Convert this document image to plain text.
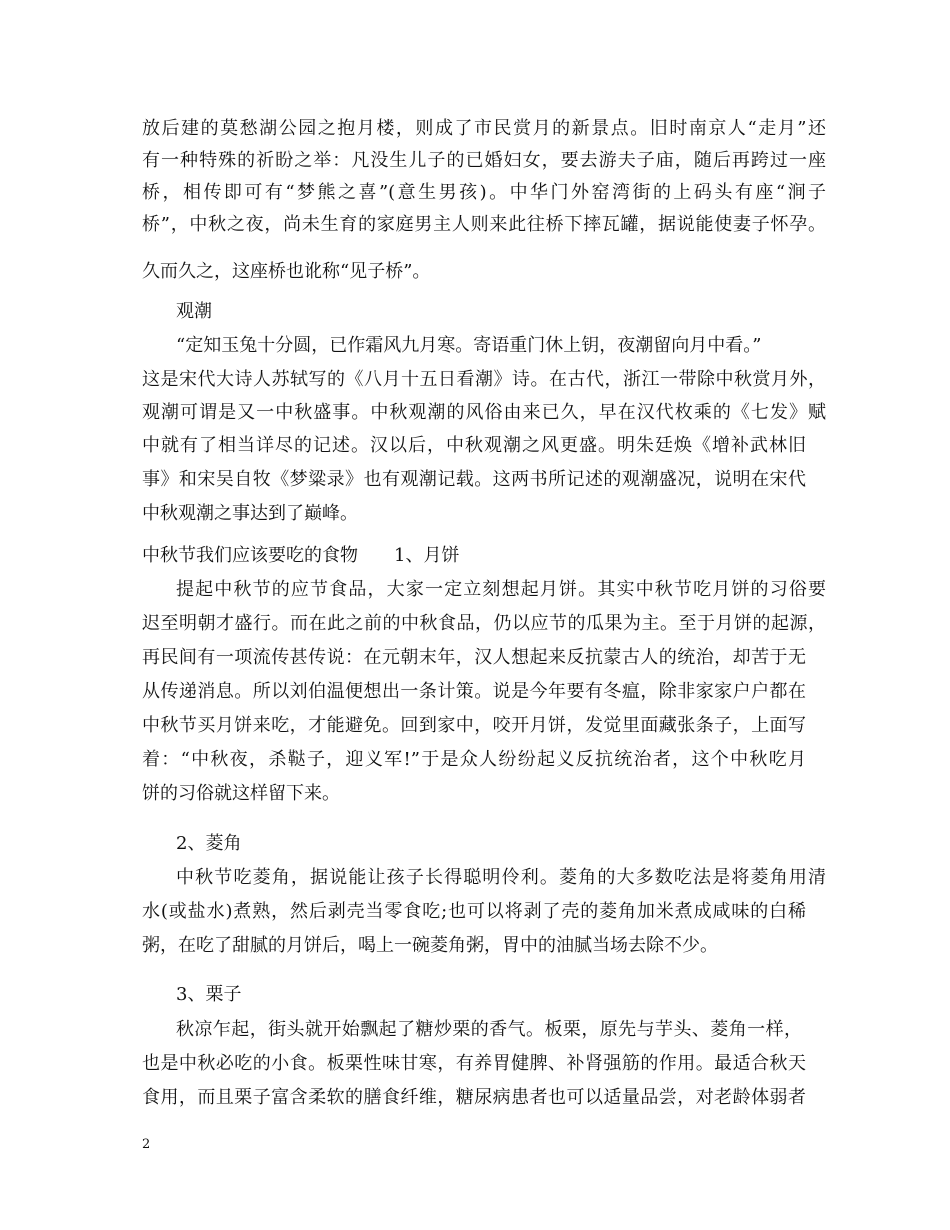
放后建的莫愁湖公园之抱月楼，则成了市民赏月的新景点。旧时南京人“走月”还
有一种特殊的祈盼之举：凡没生儿子的已婚妇女，要去游夫子庙，随后再跨过一座
桥，相传即可有“梦熊之喜”(意生男孩)。中华门外窑湾街的上码头有座“涧子
桥”，中秋之夜，尚未生育的家庭男主人则来此往桥下摔瓦罐，据说能使妻子怀孕。
久而久之，这座桥也讹称“见子桥”。
观潮
“定知玉兔十分圆，已作霜风九月寒。寄语重门休上钥，夜潮留向月中看。”
这是宋代大诗人苏轼写的《八月十五日看潮》诗。在古代，浙江一带除中秋赏月外，
观潮可谓是又一中秋盛事。中秋观潮的风俗由来已久，早在汉代枚乘的《七发》赋
中就有了相当详尽的记述。汉以后，中秋观潮之风更盛。明朱廷焕《增补武林旧
事》和宋吴自牧《梦粱录》也有观潮记载。这两书所记述的观潮盛况，说明在宋代
中秋观潮之事达到了巅峰。
中秋节我们应该要吃的食物　　1、月饼
提起中秋节的应节食品，大家一定立刻想起月饼。其实中秋节吃月饼的习俗要
迟至明朝才盛行。而在此之前的中秋食品，仍以应节的瓜果为主。至于月饼的起源，
再民间有一项流传甚传说：在元朝末年，汉人想起来反抗蒙古人的统治，却苦于无
从传递消息。所以刘伯温便想出一条计策。说是今年要有冬瘟，除非家家户户都在
中秋节买月饼来吃，才能避免。回到家中，咬开月饼，发觉里面藏张条子，上面写
着：“中秋夜，杀鞑子，迎义军!”于是众人纷纷起义反抗统治者，这个中秋吃月
饼的习俗就这样留下来。
2、菱角
中秋节吃菱角，据说能让孩子长得聪明伶利。菱角的大多数吃法是将菱角用清
水(或盐水)煮熟，然后剥壳当零食吃;也可以将剥了壳的菱角加米煮成咸味的白稀
粥，在吃了甜腻的月饼后，喝上一碗菱角粥，胃中的油腻当场去除不少。
3、栗子
秋凉乍起，街头就开始飘起了糖炒栗的香气。板栗，原先与芋头、菱角一样，
也是中秋必吃的小食。板栗性味甘寒，有养胃健脾、补肾强筋的作用。最适合秋天
食用，而且栗子富含柔软的膳食纤维，糖尿病患者也可以适量品尝，对老龄体弱者
2
